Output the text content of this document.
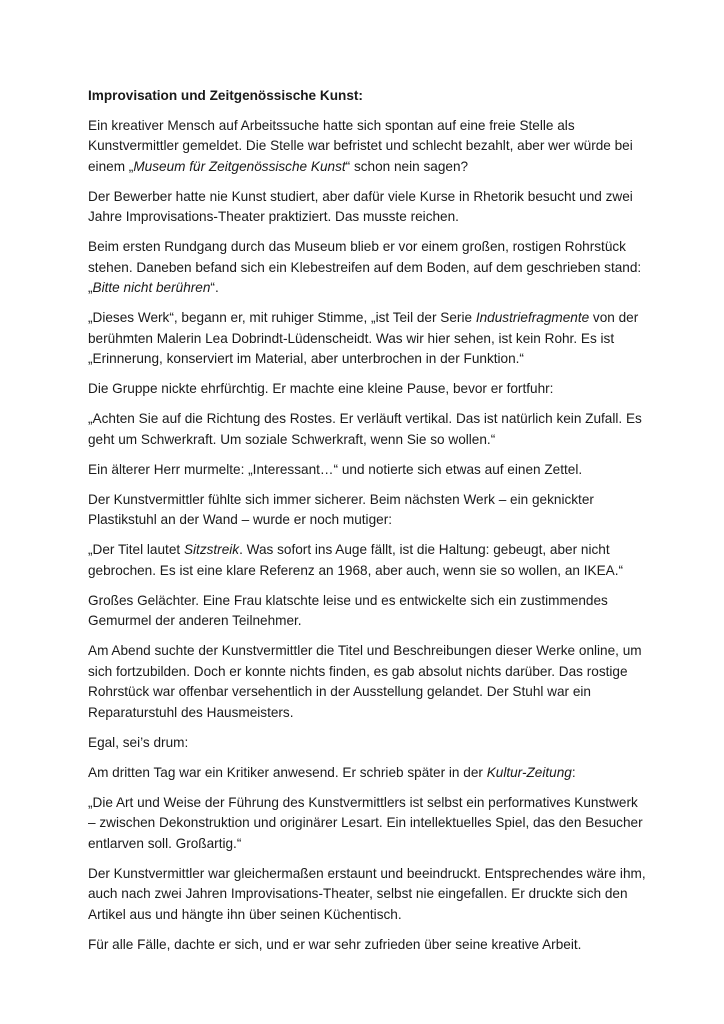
Improvisation und Zeitgenössische Kunst:

Ein kreativer Mensch auf Arbeitssuche hatte sich spontan auf eine freie Stelle als Kunstvermittler gemeldet. Die Stelle war befristet und schlecht bezahlt, aber wer würde bei einem „Museum für Zeitgenössische Kunst“ schon nein sagen?

Der Bewerber hatte nie Kunst studiert, aber dafür viele Kurse in Rhetorik besucht und zwei Jahre Improvisations-Theater praktiziert. Das musste reichen.

Beim ersten Rundgang durch das Museum blieb er vor einem großen, rostigen Rohrstück stehen. Daneben befand sich ein Klebestreifen auf dem Boden, auf dem geschrieben stand: „Bitte nicht berühren“.

„Dieses Werk“, begann er, mit ruhiger Stimme, „ist Teil der Serie Industriefragmente von der berühmten Malerin Lea Dobrindt-Lüdenscheidt. Was wir hier sehen, ist kein Rohr. Es ist „Erinnerung, konserviert im Material, aber unterbrochen in der Funktion.“

Die Gruppe nickte ehrfürchtig. Er machte eine kleine Pause, bevor er fortfuhr:

„Achten Sie auf die Richtung des Rostes. Er verläuft vertikal. Das ist natürlich kein Zufall. Es geht um Schwerkraft. Um soziale Schwerkraft, wenn Sie so wollen.“

Ein älterer Herr murmelte: „Interessant…“ und notierte sich etwas auf einen Zettel.

Der Kunstvermittler fühlte sich immer sicherer. Beim nächsten Werk – ein geknickter Plastikstuhl an der Wand – wurde er noch mutiger:

„Der Titel lautet Sitzstreik. Was sofort ins Auge fällt, ist die Haltung: gebeugt, aber nicht gebrochen. Es ist eine klare Referenz an 1968, aber auch, wenn sie so wollen, an IKEA.“

Großes Gelächter. Eine Frau klatschte leise und es entwickelte sich ein zustimmendes Gemurmel der anderen Teilnehmer.

Am Abend suchte der Kunstvermittler die Titel und Beschreibungen dieser Werke online, um sich fortzubilden. Doch er konnte nichts finden, es gab absolut nichts darüber. Das rostige Rohrstück war offenbar versehentlich in der Ausstellung gelandet. Der Stuhl war ein Reparaturstuhl des Hausmeisters.

Egal, sei’s drum:

Am dritten Tag war ein Kritiker anwesend. Er schrieb später in der Kultur-Zeitung:

„Die Art und Weise der Führung des Kunstvermittlers ist selbst ein performatives Kunstwerk – zwischen Dekonstruktion und originärer Lesart. Ein intellektuelles Spiel, das den Besucher entlarven soll. Großartig.“

Der Kunstvermittler war gleichermaßen erstaunt und beeindruckt. Entsprechendes wäre ihm, auch nach zwei Jahren Improvisations-Theater, selbst nie eingefallen. Er druckte sich den Artikel aus und hängte ihn über seinen Küchentisch.

Für alle Fälle, dachte er sich, und er war sehr zufrieden über seine kreative Arbeit.
